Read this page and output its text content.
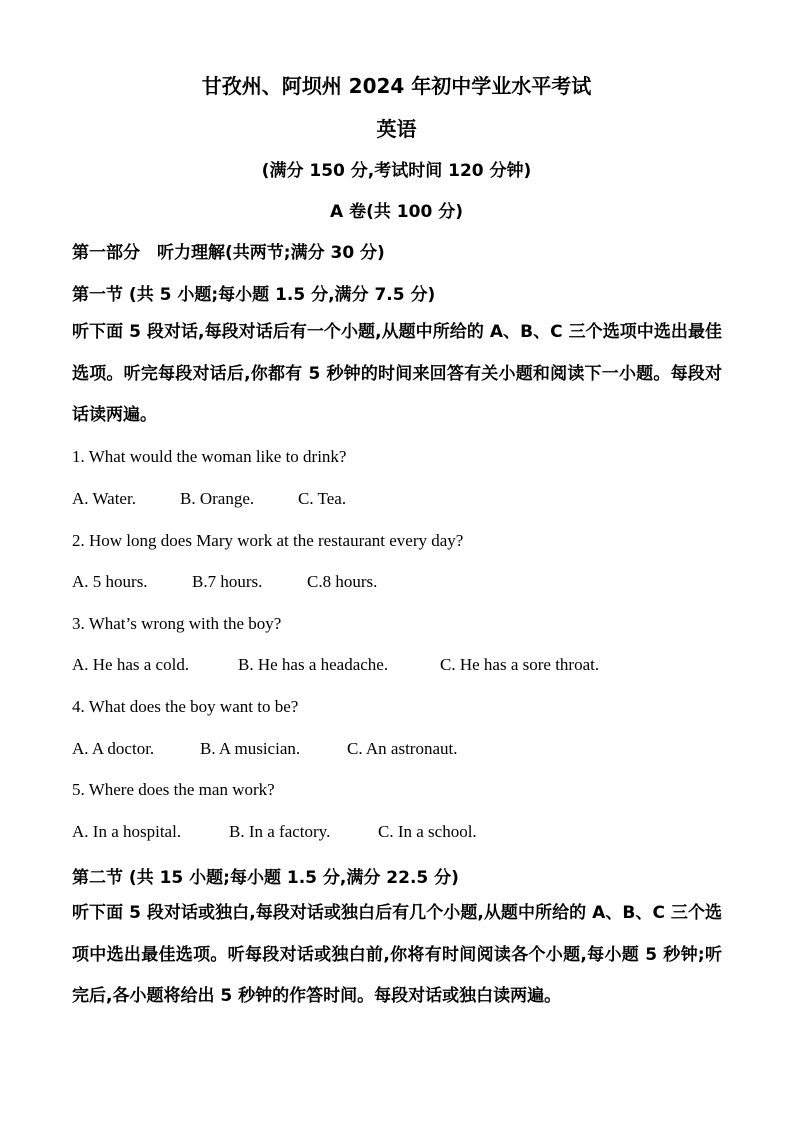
甘孜州、阿坝州 2024 年初中学业水平考试
英语
(满分 150 分,考试时间 120 分钟)
A 卷(共 100 分)
第一部分　听力理解(共两节;满分 30 分)
第一节 (共 5 小题;每小题 1.5 分,满分 7.5 分)
听下面 5 段对话,每段对话后有一个小题,从题中所给的 A、B、C 三个选项中选出最佳选项。听完每段对话后,你都有 5 秒钟的时间来回答有关小题和阅读下一小题。每段对话读两遍。
1. What would the woman like to drink?
A. Water.	B. Orange.	C. Tea.
2. How long does Mary work at the restaurant every day?
A. 5 hours.	B.7 hours.	C.8 hours.
3. What’s wrong with the boy?
A. He has a cold.	B. He has a headache.	C. He has a sore throat.
4. What does the boy want to be?
A. A doctor.	B. A musician.	C. An astronaut.
5. Where does the man work?
A. In a hospital.	B. In a factory.	C. In a school.
第二节 (共 15 小题;每小题 1.5 分,满分 22.5 分)
听下面 5 段对话或独白,每段对话或独白后有几个小题,从题中所给的 A、B、C 三个选项中选出最佳选项。听每段对话或独白前,你将有时间阅读各个小题,每小题 5 秒钟;听完后,各小题将给出 5 秒钟的作答时间。每段对话或独白读两遍。
